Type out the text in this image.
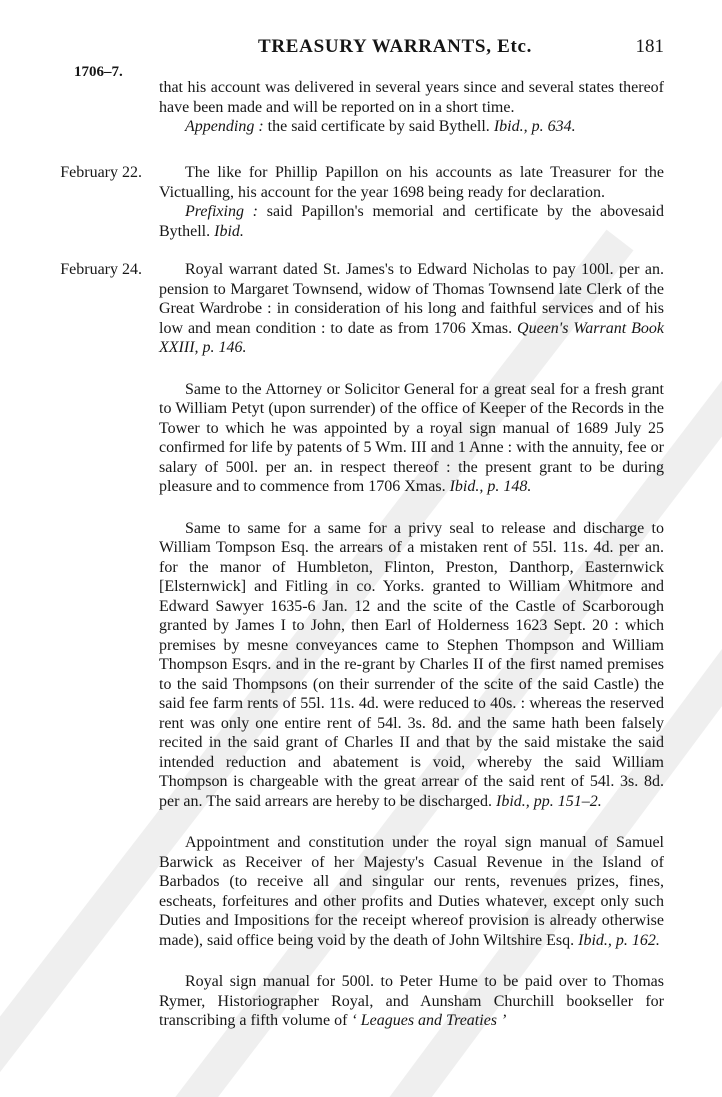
TREASURY WARRANTS, Etc.	181
1706–7.

that his account was delivered in several years since and several states thereof have been made and will be reported on in a short time.

Appending : the said certificate by said Bythell. Ibid., p. 634.

February 22.	The like for Phillip Papillon on his accounts as late Treasurer for the Victualling, his account for the year 1698 being ready for declaration.

Prefixing : said Papillon's memorial and certificate by the abovesaid Bythell. Ibid.

February 24.	Royal warrant dated St. James's to Edward Nicholas to pay 100l. per an. pension to Margaret Townsend, widow of Thomas Townsend late Clerk of the Great Wardrobe : in consideration of his long and faithful services and of his low and mean condition : to date as from 1706 Xmas. Queen's Warrant Book XXIII, p. 146.

Same to the Attorney or Solicitor General for a great seal for a fresh grant to William Petyt (upon surrender) of the office of Keeper of the Records in the Tower to which he was appointed by a royal sign manual of 1689 July 25 confirmed for life by patents of 5 Wm. III and 1 Anne : with the annuity, fee or salary of 500l. per an. in respect thereof : the present grant to be during pleasure and to commence from 1706 Xmas. Ibid., p. 148.

Same to same for a same for a privy seal to release and discharge to William Tompson Esq. the arrears of a mistaken rent of 55l. 11s. 4d. per an. for the manor of Humbleton, Flinton, Preston, Danthorp, Easternwick [Elsternwick] and Fitling in co. Yorks. granted to William Whitmore and Edward Sawyer 1635-6 Jan. 12 and the scite of the Castle of Scarborough granted by James I to John, then Earl of Holderness 1623 Sept. 20 : which premises by mesne conveyances came to Stephen Thompson and William Thompson Esqrs. and in the re-grant by Charles II of the first named premises to the said Thompsons (on their surrender of the scite of the said Castle) the said fee farm rents of 55l. 11s. 4d. were reduced to 40s. : whereas the reserved rent was only one entire rent of 54l. 3s. 8d. and the same hath been falsely recited in the said grant of Charles II and that by the said mistake the said intended reduction and abatement is void, whereby the said William Thompson is chargeable with the great arrear of the said rent of 54l. 3s. 8d. per an. The said arrears are hereby to be discharged. Ibid., pp. 151–2.

Appointment and constitution under the royal sign manual of Samuel Barwick as Receiver of her Majesty's Casual Revenue in the Island of Barbados (to receive all and singular our rents, revenues prizes, fines, escheats, forfeitures and other profits and Duties whatever, except only such Duties and Impositions for the receipt whereof provision is already otherwise made), said office being void by the death of John Wiltshire Esq. Ibid., p. 162.

Royal sign manual for 500l. to Peter Hume to be paid over to Thomas Rymer, Historiographer Royal, and Aunsham Churchill bookseller for transcribing a fifth volume of ‘ Leagues and Treaties ’
